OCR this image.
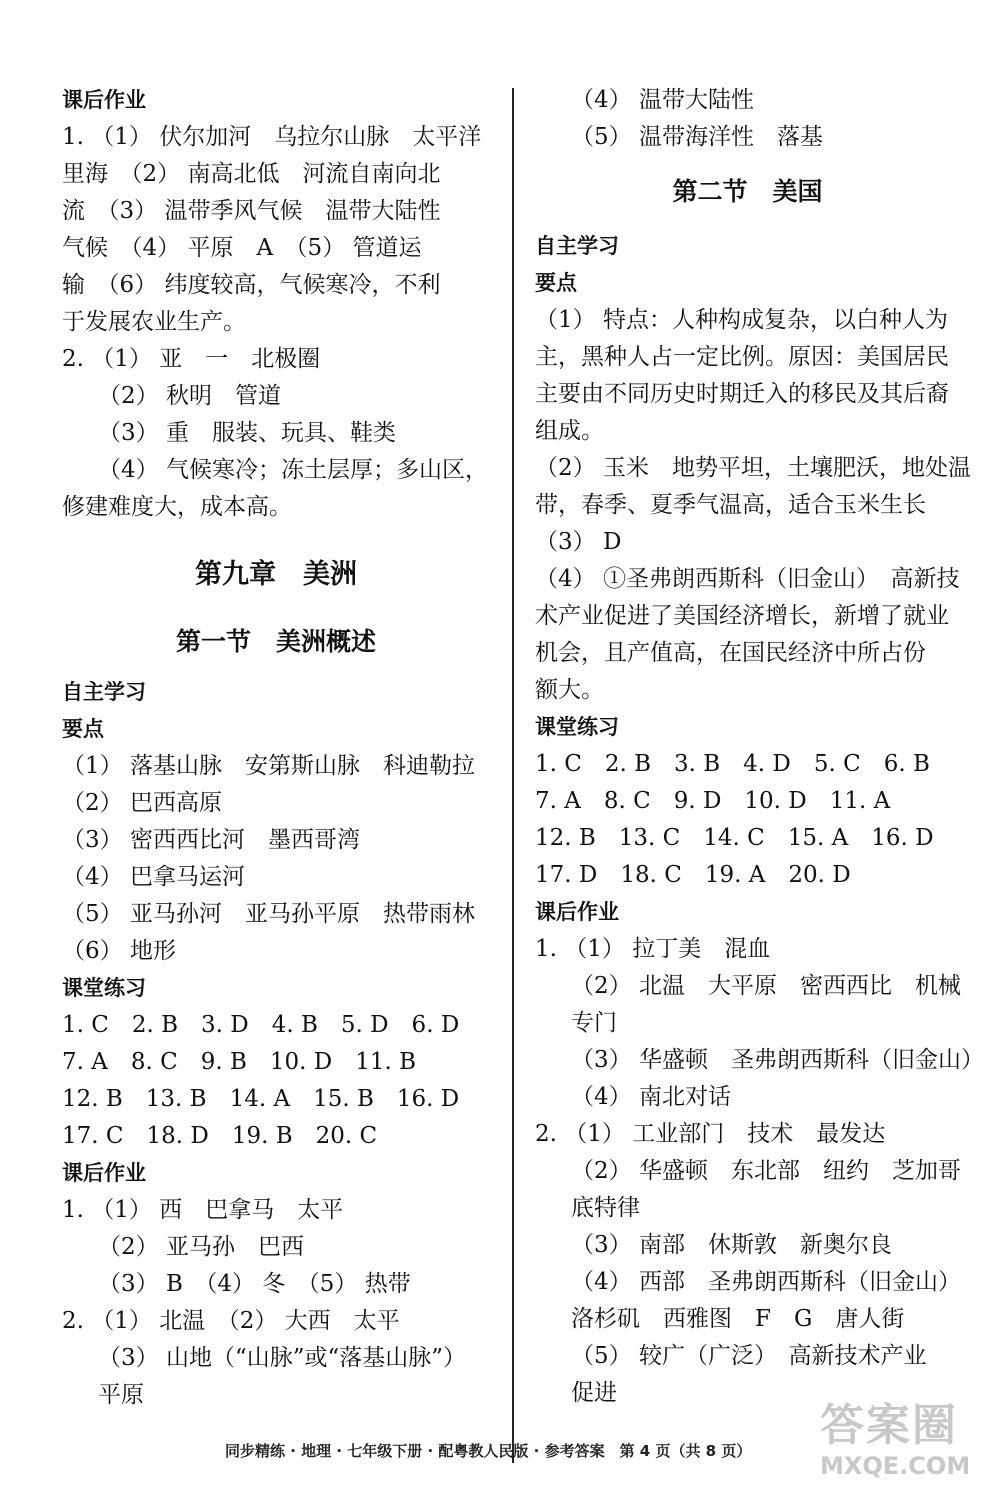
课后作业
1. （1） 伏尔加河　乌拉尔山脉　太平洋
里海　（2） 南高北低　河流自南向北
流　（3） 温带季风气候　温带大陆性
气候　（4） 平原　A　（5） 管道运
输　（6） 纬度较高，气候寒冷，不利
于发展农业生产。
2. （1） 亚　一　北极圈
（2） 秋明　管道
（3） 重　服装、玩具、鞋类
（4） 气候寒冷；冻土层厚；多山区，
修建难度大，成本高。
第九章　美洲
第一节　美洲概述
自主学习
要点
（1） 落基山脉　安第斯山脉　科迪勒拉
（2） 巴西高原
（3） 密西西比河　墨西哥湾
（4） 巴拿马运河
（5） 亚马孙河　亚马孙平原　热带雨林
（6） 地形
课堂练习
1. C　2. B　3. D　4. B　5. D　6. D
7. A　8. C　9. B　10. D　11. B
12. B　13. B　14. A　15. B　16. D
17. C　18. D　19. B　20. C
课后作业
1. （1） 西　巴拿马　太平
（2） 亚马孙　巴西
（3） B　（4） 冬　（5） 热带
2. （1） 北温　（2） 大西　太平
（3） 山地（“山脉”或“落基山脉”）
平原
（4） 温带大陆性
（5） 温带海洋性　落基
第二节　美国
自主学习
要点
（1） 特点：人种构成复杂，以白种人为
主，黑种人占一定比例。原因：美国居民
主要由不同历史时期迁入的移民及其后裔
组成。
（2） 玉米　地势平坦，土壤肥沃，地处温
带，春季、夏季气温高，适合玉米生长
（3） D
（4） ①圣弗朗西斯科（旧金山）　高新技
术产业促进了美国经济增长，新增了就业
机会，且产值高，在国民经济中所占份
额大。
课堂练习
1. C　2. B　3. B　4. D　5. C　6. B
7. A　8. C　9. D　10. D　11. A
12. B　13. C　14. C　15. A　16. D
17. D　18. C　19. A　20. D
课后作业
1. （1） 拉丁美　混血
（2） 北温　大平原　密西西比　机械
专门
（3） 华盛顿　圣弗朗西斯科（旧金山）
（4） 南北对话
2. （1） 工业部门　技术　最发达
（2） 华盛顿　东北部　纽约　芝加哥
底特律
（3） 南部　休斯敦　新奥尔良
（4） 西部　圣弗朗西斯科（旧金山）
洛杉矶　西雅图　F　G　唐人街
（5） 较广（广泛）　高新技术产业
促进
同步精练 · 地理 · 七年级下册 · 配粤教人民版 · 参考答案　第 4 页（共 8 页） 答案圈
MXQE.COM
